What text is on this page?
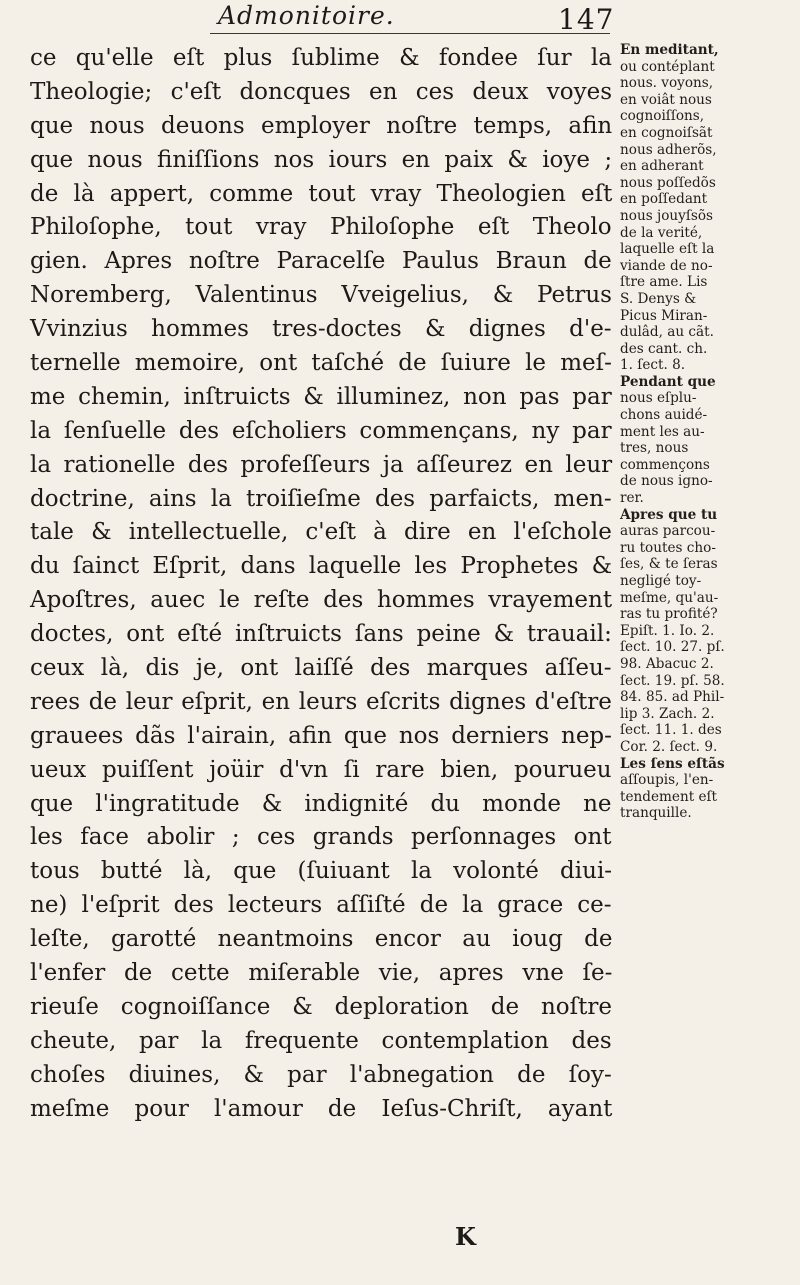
Admonitoire.	147
ce qu'elle eſt plus ſublime & fondee ſur la
Theologie; c'eſt doncques en ces deux voyes
que nous deuons employer noſtre temps, afin
que nous finiſſions nos iours en paix & ioye ;
de là appert, comme tout vray Theologien eſt
Philoſophe, tout vray Philoſophe eſt Theolo
gien. Apres noſtre Paracelſe Paulus Braun de
Noremberg, Valentinus Vveigelius, & Petrus
Vvinzius hommes tres-doctes & dignes d'e-
ternelle memoire, ont taſché de ſuiure le meſ-
me chemin, inſtruicts & illuminez, non pas par
la ſenſuelle des eſcholiers commençans, ny par
la rationelle des profeſſeurs ja aſſeurez en leur
doctrine, ains la troiſieſme des parfaicts, men-
tale & intellectuelle, c'eſt à dire en l'eſchole
du ſainct Eſprit, dans laquelle les Prophetes &
Apoſtres, auec le reſte des hommes vrayement
doctes, ont eſté inſtruicts ſans peine & trauail:
ceux là, dis je, ont laiſſé des marques aſſeu-
rees de leur eſprit, en leurs eſcrits dignes d'eſtre
grauees dãs l'airain, afin que nos derniers nep-
ueux puiſſent joüir d'vn ſi rare bien, pourueu
que l'ingratitude & indignité du monde ne
les face abolir ; ces grands perſonnages ont
tous butté là, que (ſuiuant la volonté diui-
ne) l'eſprit des lecteurs aſſiſté de la grace ce-
leſte, garotté neantmoins encor au ioug de
l'enfer de cette miſerable vie, apres vne ſe-
rieuſe cognoiſſance & deploration de noſtre
cheute, par la frequente contemplation des
choſes diuines, & par l'abnegation de ſoy-
meſme pour l'amour de Ieſus-Chriſt, ayant
En meditant,
ou contéplant
nous. voyons,
en voiât nous
cognoiſſons,
en cognoiſsãt
nous adherõs,
en adherant
nous poſſedõs
en poſſedant
nous jouyſsõs
de la verité,
laquelle eſt la
viande de no-
ſtre ame. Lis
S. Denys &
Picus Miran-
dulâd, au cãt.
des cant. ch.
1. ſect. 8.
Pendant que
nous eſplu-
chons auidé-
ment les au-
tres, nous
commençons
de nous igno-
rer.
Apres que tu
auras parcou-
ru toutes cho-
ſes, & te ſeras
negligé toy-
meſme, qu'au-
ras tu profité?
Epiſt. 1. Io. 2.
ſect. 10. 27. pſ.
98. Abacuc 2.
ſect. 19. pſ. 58.
84. 85. ad Phil-
lip 3. Zach. 2.
ſect. 11. 1. des
Cor. 2. ſect. 9.
Les ſens eſtãs
aſſoupis, l'en-
tendement eſt
tranquille.
K
